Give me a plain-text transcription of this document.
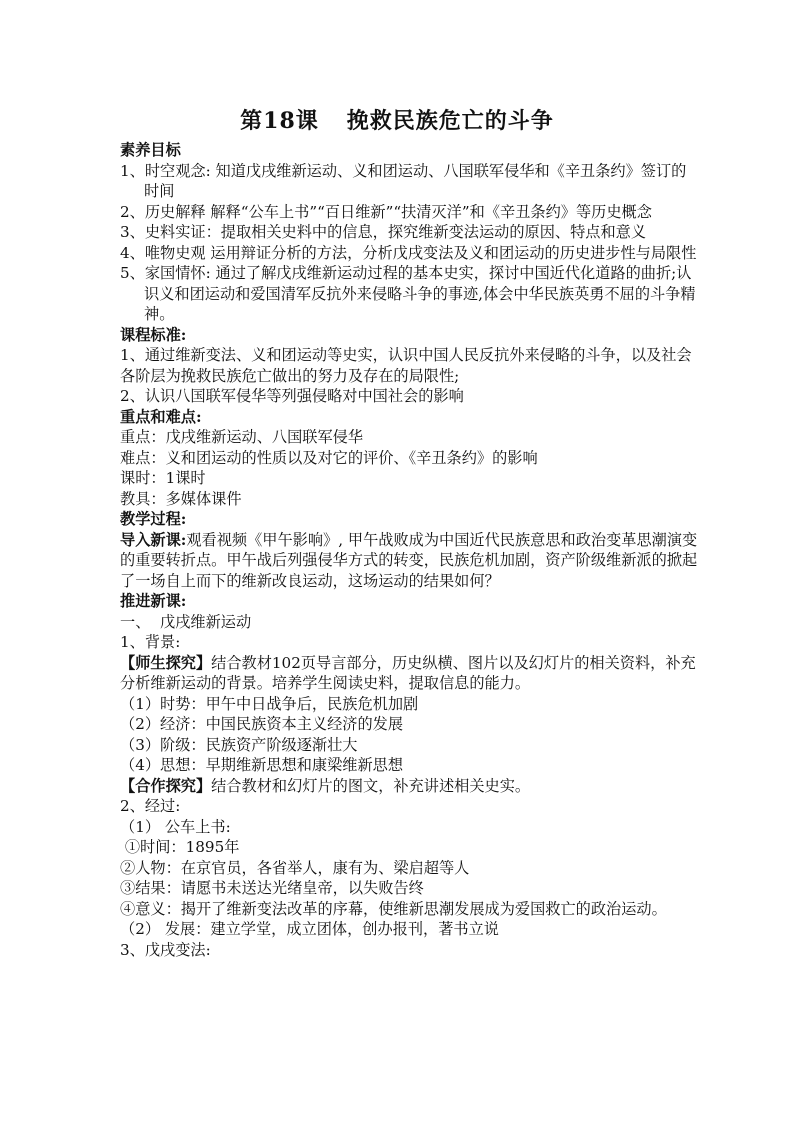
第18课 挽救民族危亡的斗争

素养目标

1、时空观念: 知道戊戌维新运动、义和团运动、八国联军侵华和《辛丑条约》签订的时间

2、历史解释 解释“公车上书”“百日维新”“扶清灭洋”和《辛丑条约》等历史概念

3、史料实证：提取相关史料中的信息，探究维新变法运动的原因、特点和意义

4、唯物史观 运用辩证分析的方法，分析戊戌变法及义和团运动的历史进步性与局限性

5、家国情怀: 通过了解戊戌维新运动过程的基本史实，探讨中国近代化道路的曲折;认识义和团运动和爱国清军反抗外来侵略斗争的事迹,体会中华民族英勇不屈的斗争精神。

课程标准:

1、通过维新变法、义和团运动等史实，认识中国人民反抗外来侵略的斗争，以及社会各阶层为挽救民族危亡做出的努力及存在的局限性;

2、认识八国联军侵华等列强侵略对中国社会的影响

重点和难点:

重点：戊戌维新运动、八国联军侵华

难点：义和团运动的性质以及对它的评价、《辛丑条约》的影响

课时：1课时

教具：多媒体课件

教学过程:

导入新课:观看视频《甲午影响》, 甲午战败成为中国近代民族意思和政治变革思潮演变的重要转折点。甲午战后列强侵华方式的转变，民族危机加剧，资产阶级维新派的掀起了一场自上而下的维新改良运动，这场运动的结果如何？

推进新课:

一、  戊戌维新运动

1、背景:

【师生探究】结合教材102页导言部分，历史纵横、图片以及幻灯片的相关资料，补充分析维新运动的背景。培养学生阅读史料，提取信息的能力。

（1）时势：甲午中日战争后，民族危机加剧

（2）经济：中国民族资本主义经济的发展

（3）阶级：民族资产阶级逐渐壮大

（4）思想：早期维新思想和康梁维新思想

【合作探究】结合教材和幻灯片的图文，补充讲述相关史实。

2、经过:

（1） 公车上书:

①时间：1895年

②人物：在京官员，各省举人，康有为、梁启超等人

③结果：请愿书未送达光绪皇帝，以失败告终

④意义：揭开了维新变法改革的序幕，使维新思潮发展成为爱国救亡的政治运动。

（2） 发展：建立学堂，成立团体，创办报刊，著书立说

3、戊戌变法:
